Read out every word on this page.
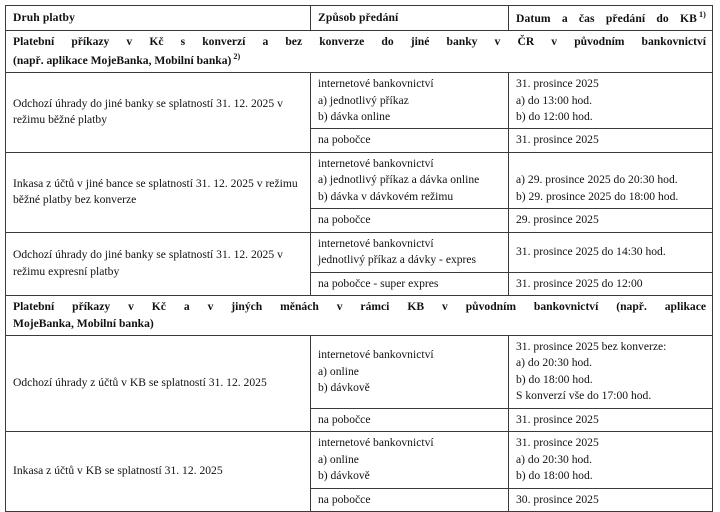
Druh platby	Způsob předání	Datum a čas předání do KB $^{1)}$

Platební příkazy v Kč s konverzí a bez konverze do jiné banky v ČR v původním bankovnictví
(např. aplikace MojeBanka, Mobilní banka) $^{2)}$

Odchozí úhrady do jiné banky se splatností 31. 12. 2025 v režimu běžné platby	internetové bankovnictví
a) jednotlivý příkaz
b) dávka online	31. prosince 2025
a) do 13:00 hod.
b) do 12:00 hod.

	na pobočce	31. prosince 2025

Inkasa z účtů v jiné bance se splatností 31. 12. 2025 v režimu běžné platby bez konverze	internetové bankovnictví
a) jednotlivý příkaz a dávka online
b) dávka v dávkovém režimu	a) 29. prosince 2025 do 20:30 hod.
b) 29. prosince 2025 do 18:00 hod.

	na pobočce	29. prosince 2025

Odchozí úhrady do jiné banky se splatností 31. 12. 2025 v režimu expresní platby	internetové bankovnictví
jednotlivý příkaz a dávky - expres	31. prosince 2025 do 14:30 hod.

	na pobočce - super expres	31. prosince 2025 do 12:00

Platební příkazy v Kč a v jiných měnách v rámci KB v původním bankovnictví (např. aplikace
MojeBanka, Mobilní banka)		

Odchozí úhrady z účtů v KB se splatností 31. 12. 2025	internetové bankovnictví
a) online
b) dávkově	31. prosince 2025 bez konverze:
a) do 20:30 hod.
b) do 18:00 hod.
S konverzí vše do 17:00 hod.

	na pobočce	31. prosince 2025

Inkasa z účtů v KB se splatností 31. 12. 2025	internetové bankovnictví
a) online
b) dávkově	31. prosince 2025
a) do 20:30 hod.
b) do 18:00 hod.

	na pobočce	30. prosince 2025
